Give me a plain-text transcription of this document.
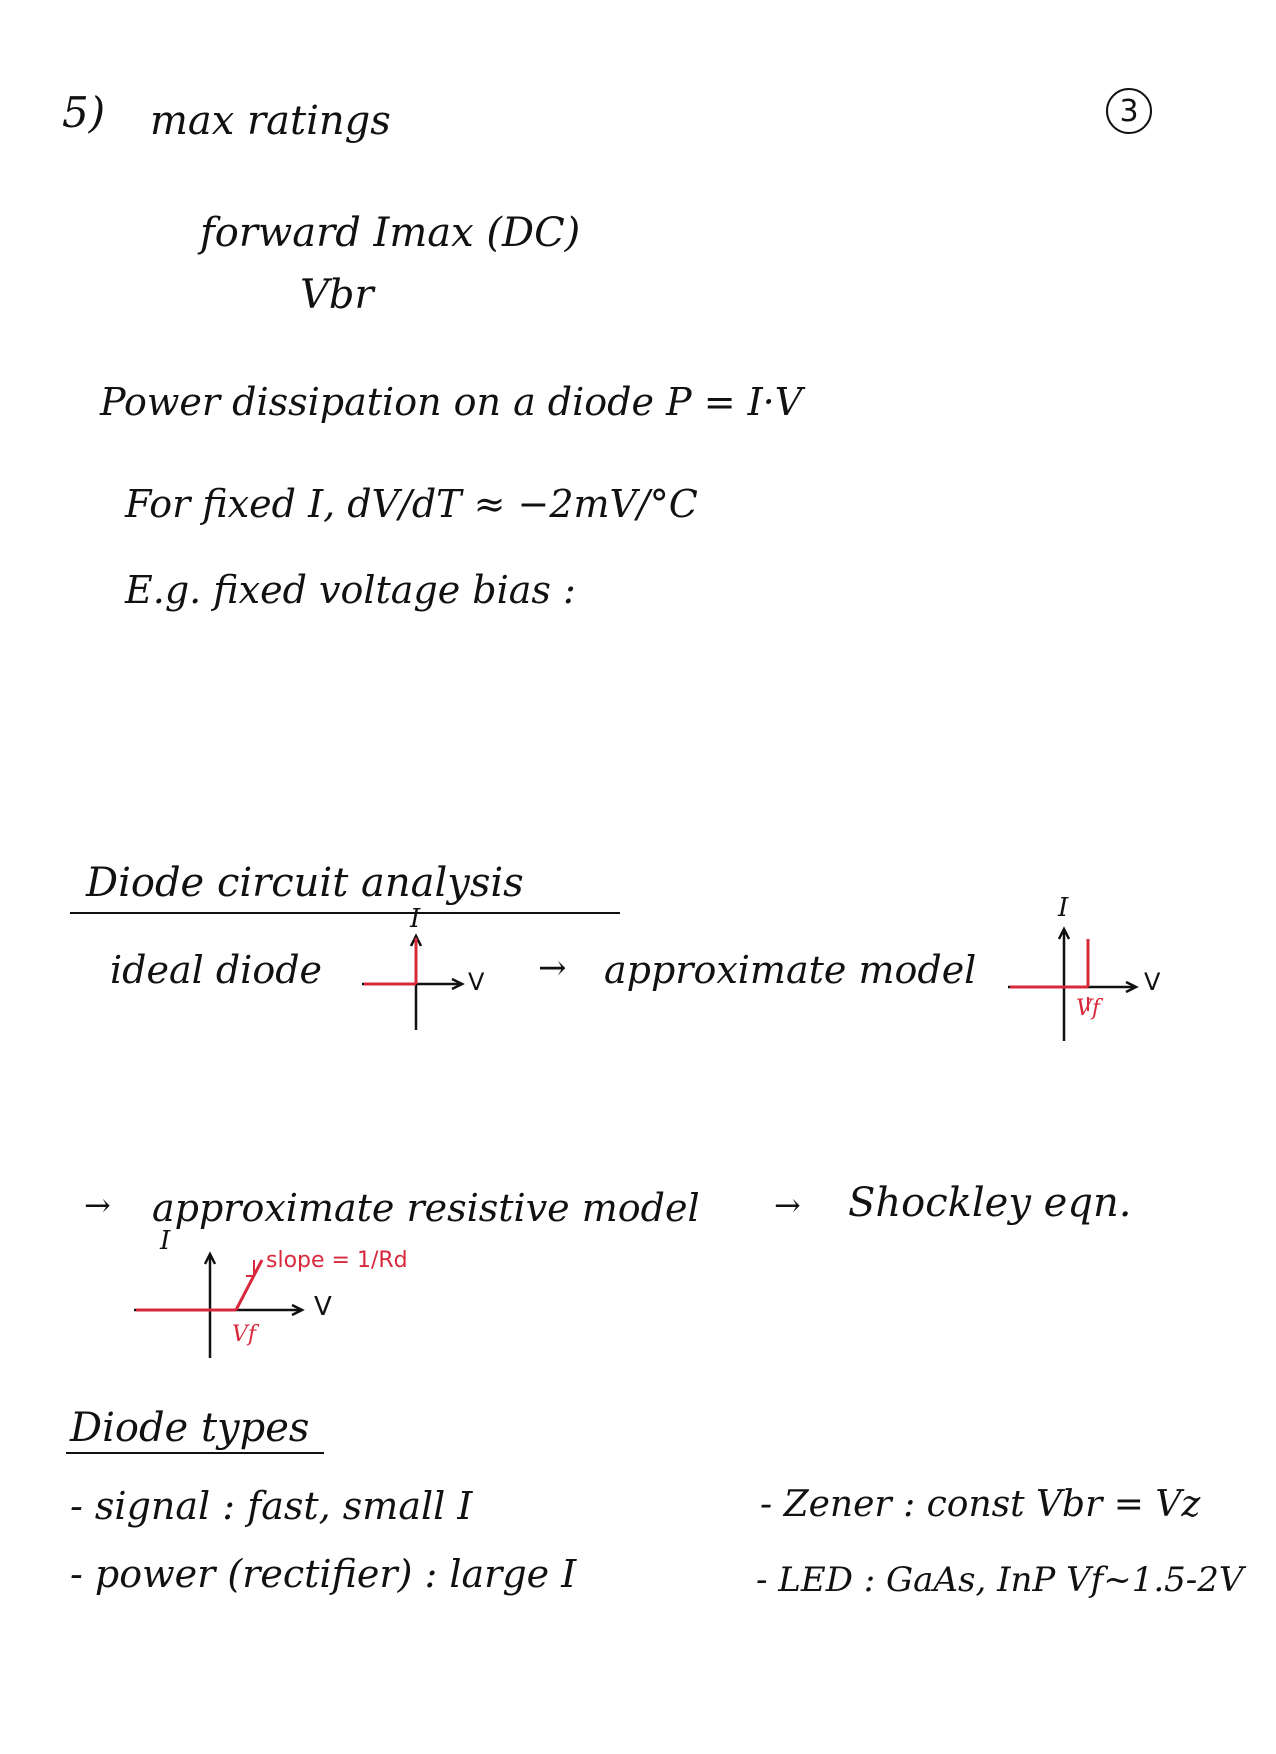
3
5) max ratings
forward Imax (DC)
Vbr
Power dissipation on a diode P = I·V
For fixed I, dV/dT ≈ −2mV/°C
E.g. fixed voltage bias :
Diode circuit analysis
ideal diode
I
V → approximate model
I
V
Vf
→ approximate resistive model → Shockley eqn.
I
V
Vf
slope = 1/Rd
Diode types
- signal : fast, small I
- power (rectifier) : large I
- Zener : const Vbr = Vz
- LED : GaAs, InP Vf~1.5-2V
